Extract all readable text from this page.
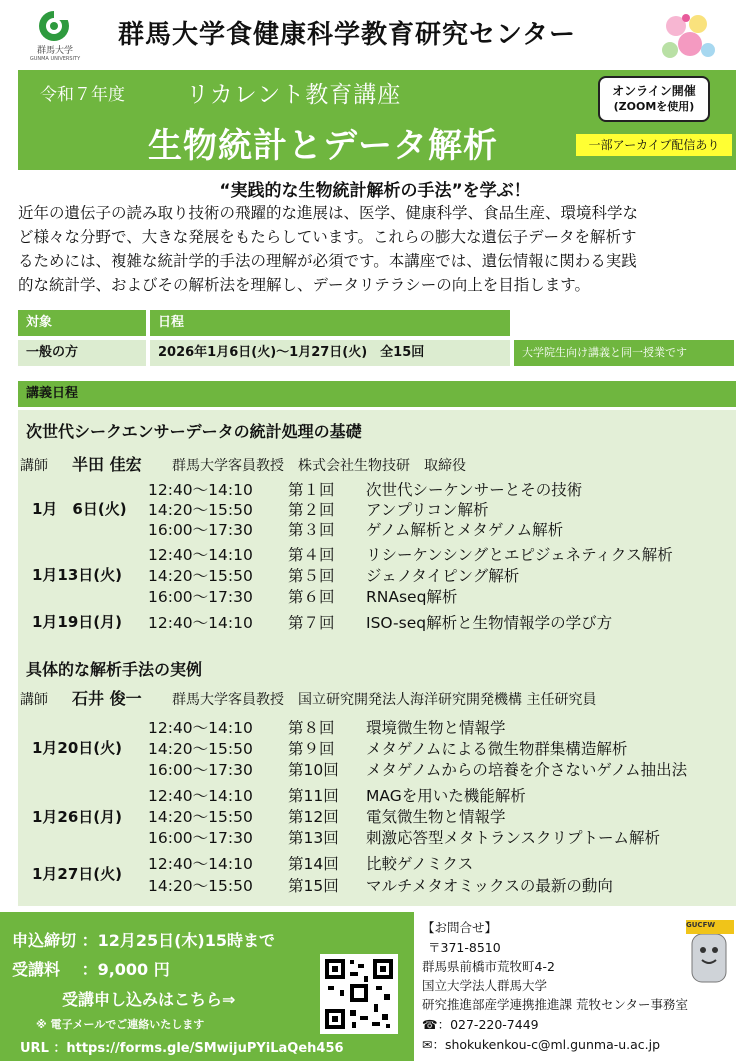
群馬大学
GUNMA UNIVERSITY
群馬大学食健康科学教育研究センター
令和７年度	リカレント教育講座
生物統計とデータ解析
オンライン開催
(ZOOMを使用)
一部アーカイブ配信あり
“実践的な生物統計解析の手法”を学ぶ！
近年の遺伝子の読み取り技術の飛躍的な進展は、医学、健康科学、食品生産、環境科学な
ど様々な分野で、大きな発展をもたらしています。これらの膨大な遺伝子データを解析す
るためには、複雑な統計学的手法の理解が必須です。本講座では、遺伝情報に関わる実践
的な統計学、およびその解析法を理解し、データリテラシーの向上を目指します。
対象	日程
一般の方	2026年1月6日(火)～1月27日(火)　全15回	大学院生向け講義と同一授業です
講義日程
次世代シークエンサーデータの統計処理の基礎
講師 半田 佳宏 群馬大学客員教授　株式会社生物技研　取締役
1月　6日(火)
12:40～14:10 第１回 次世代シーケンサーとその技術
14:20～15:50 第２回 アンプリコン解析
16:00～17:30 第３回 ゲノム解析とメタゲノム解析
1月13日(火)
12:40～14:10 第４回 リシーケンシングとエピジェネティクス解析
14:20～15:50 第５回 ジェノタイピング解析
16:00～17:30 第６回 RNAseq解析
1月19日(月) 12:40～14:10 第７回 ISO-seq解析と生物情報学の学び方
具体的な解析手法の実例
講師 石井 俊一 群馬大学客員教授　国立研究開発法人海洋研究開発機構 主任研究員
1月20日(火)
12:40～14:10 第８回 環境微生物と情報学
14:20～15:50 第９回 メタゲノムによる微生物群集構造解析
16:00～17:30 第10回 メタゲノムからの培養を介さないゲノム抽出法
1月26日(月)
12:40～14:10 第11回 MAGを用いた機能解析
14:20～15:50 第12回 電気微生物と情報学
16:00～17:30 第13回 刺激応答型メタトランスクリプトーム解析
1月27日(火)
12:40～14:10 第14回 比較ゲノミクス
14:20～15:50 第15回 マルチメタオミックスの最新の動向
申込締切 ：12月25日(木)15時まで
受講料　 ：9,000 円
受講申し込みはこちら⇒
※ 電子メールでご連絡いたします
URL ：https://forms.gle/SMwijuPYiLaQeh456
【お問合せ】
〒371-8510
群馬県前橋市荒牧町4-2
国立大学法人群馬大学
研究推進部産学連携推進課 荒牧センター事務室
☎：027-220-7449
✉：shokukenkou-c@ml.gunma-u.ac.jp
GUCFW
